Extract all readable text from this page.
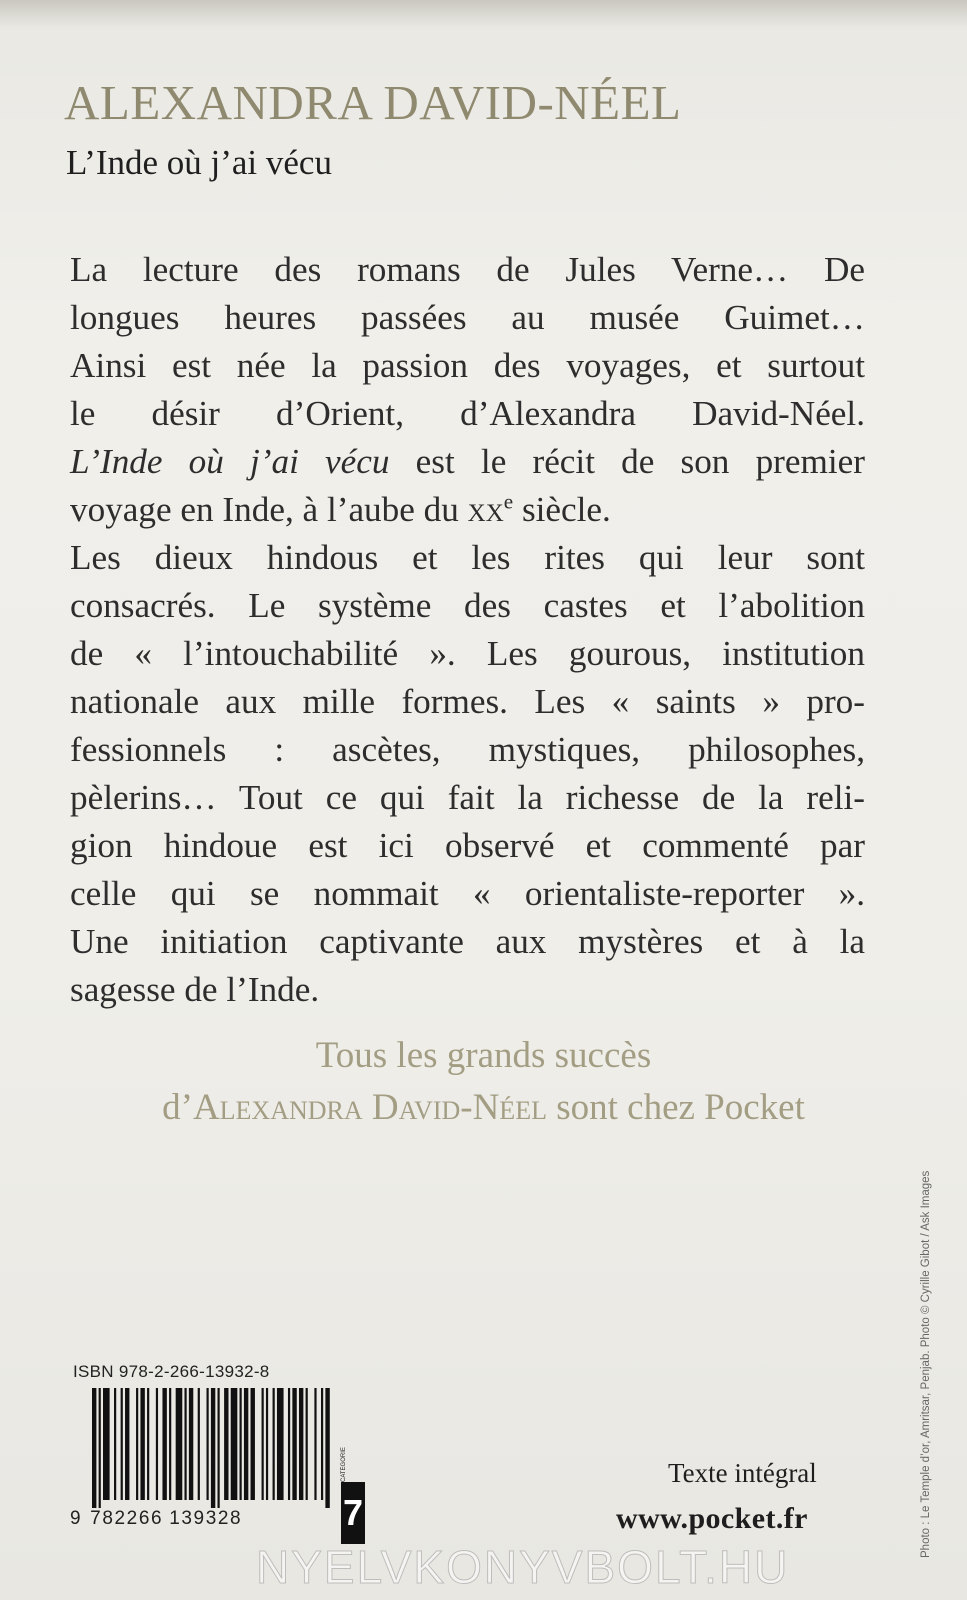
ALEXANDRA DAVID-NÉEL
L’Inde où j’ai vécu
La lecture des romans de Jules Verne… De
longues heures passées au musée Guimet…
Ainsi est née la passion des voyages, et surtout
le désir d’Orient, d’Alexandra David-Néel.
L’Inde où j’ai vécu est le récit de son premier
voyage en Inde, à l’aube du $xx^e$ siècle.
Les dieux hindous et les rites qui leur sont
consacrés. Le système des castes et l’abolition
de « l’intouchabilité ». Les gourous, institution
nationale aux mille formes. Les « saints » pro-
fessionnels : ascètes, mystiques, philosophes,
pèlerins… Tout ce qui fait la richesse de la reli-
gion hindoue est ici observé et commenté par
celle qui se nommait « orientaliste-reporter ».
Une initiation captivante aux mystères et à la
sagesse de l’Inde.
Tous les grands succès
d’Alexandra David-Néel sont chez Pocket
ISBN 978-2-266-13932-8
9 782266 139328
CATÉGORIE
7
Texte intégral
www.pocket.fr
NYELVKONYVBOLT.HU
Photo : Le Temple d’or, Amritsar, Penjab. Photo © Cyrille Gibot / Ask Images
